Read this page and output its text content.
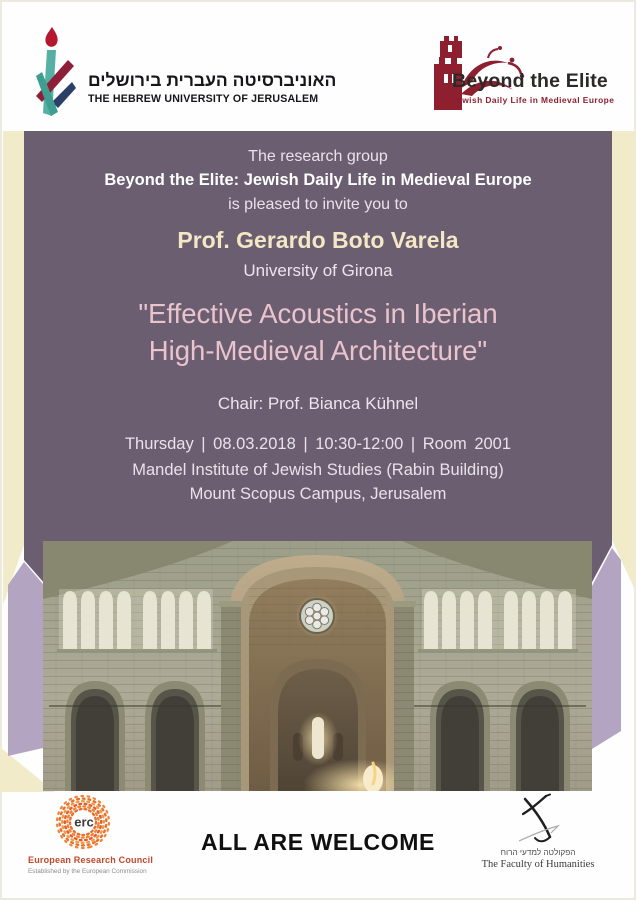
האוניברסיטה העברית בירושלים
THE HEBREW UNIVERSITY OF JERUSALEM
Beyond the Elite
Jewish Daily Life in Medieval Europe
The research group
Beyond the Elite: Jewish Daily Life in Medieval Europe
is pleased to invite you to
Prof. Gerardo Boto Varela
University of Girona
"Effective Acoustics in Iberian
High-Medieval Architecture"
Chair: Prof. Bianca Kühnel
Thursday | 08.03.2018 | 10:30-12:00 | Room 2001
Mandel Institute of Jewish Studies (Rabin Building)
Mount Scopus Campus, Jerusalem
erc
European Research Council
Established by the European Commission
ALL ARE WELCOME	הפקולטה למדעי הרוח
The Faculty of Humanities
